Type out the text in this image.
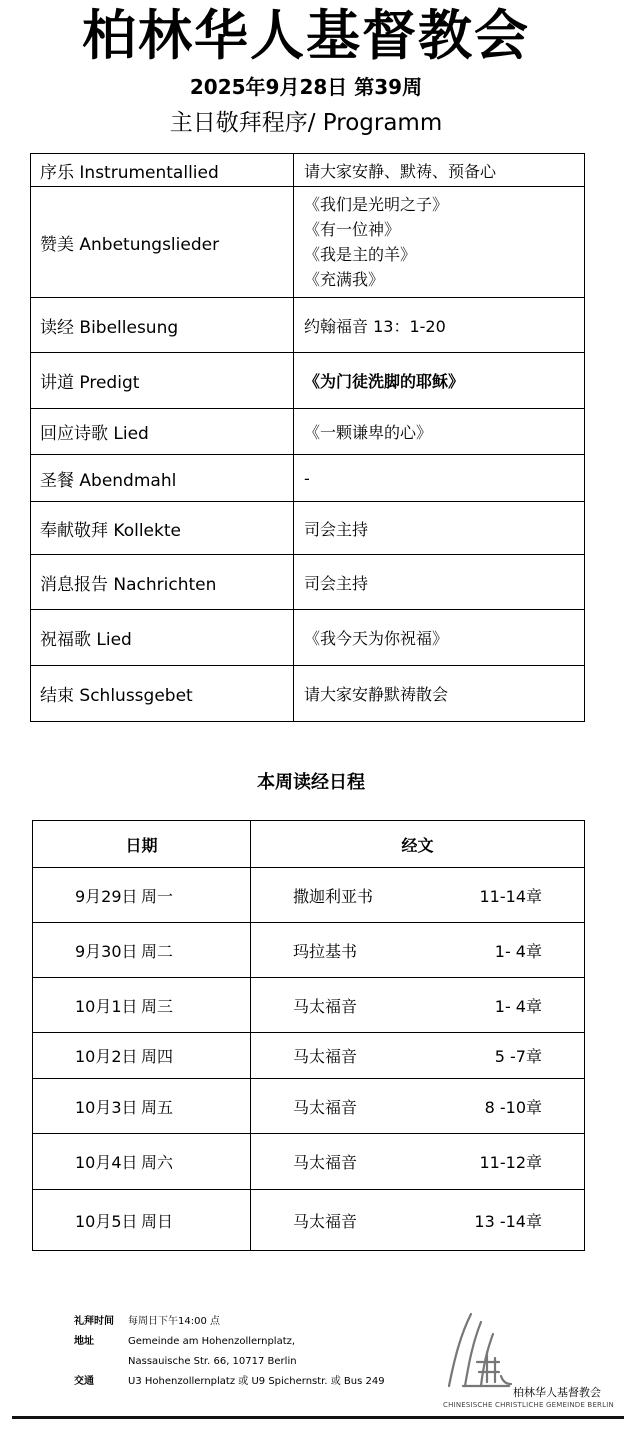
柏林华人基督教会
2025年9月28日 第39周
主日敬拜程序/ Programm
序乐 Instrumentallied	请大家安静、默祷、预备心
赞美 Anbetungslieder	《我们是光明之子》
《有一位神》
《我是主的羊》
《充满我》

读经 Bibellesung	约翰福音 13：1-20
讲道 Predigt	《为门徒洗脚的耶稣》
回应诗歌 Lied	《一颗谦卑的心》
圣餐 Abendmahl	-
奉献敬拜 Kollekte	司会主持
消息报告 Nachrichten	司会主持
祝福歌 Lied	《我今天为你祝福》
结束 Schlussgebet	请大家安静默祷散会
本周读经日程
日期	经文

9月29日 周一	撒迦利亚书 11-14章

9月30日 周二	玛拉基书 1- 4章

10月1日 周三	马太福音 1- 4章

10月2日 周四	马太福音 5 -7章

10月3日 周五	马太福音 8 -10章

10月4日 周六	马太福音 11-12章

10月5日 周日	马太福音 13 -14章
礼拜时间	每周日下午14:00 点
地址	Gemeinde am Hohenzollernplatz,
Nassauische Str. 66, 10717 Berlin
交通	U3 Hohenzollernplatz 或 U9 Spichernstr. 或 Bus 249
柏林华人基督教会
CHINESISCHE CHRISTLICHE GEMEINDE BERLIN
